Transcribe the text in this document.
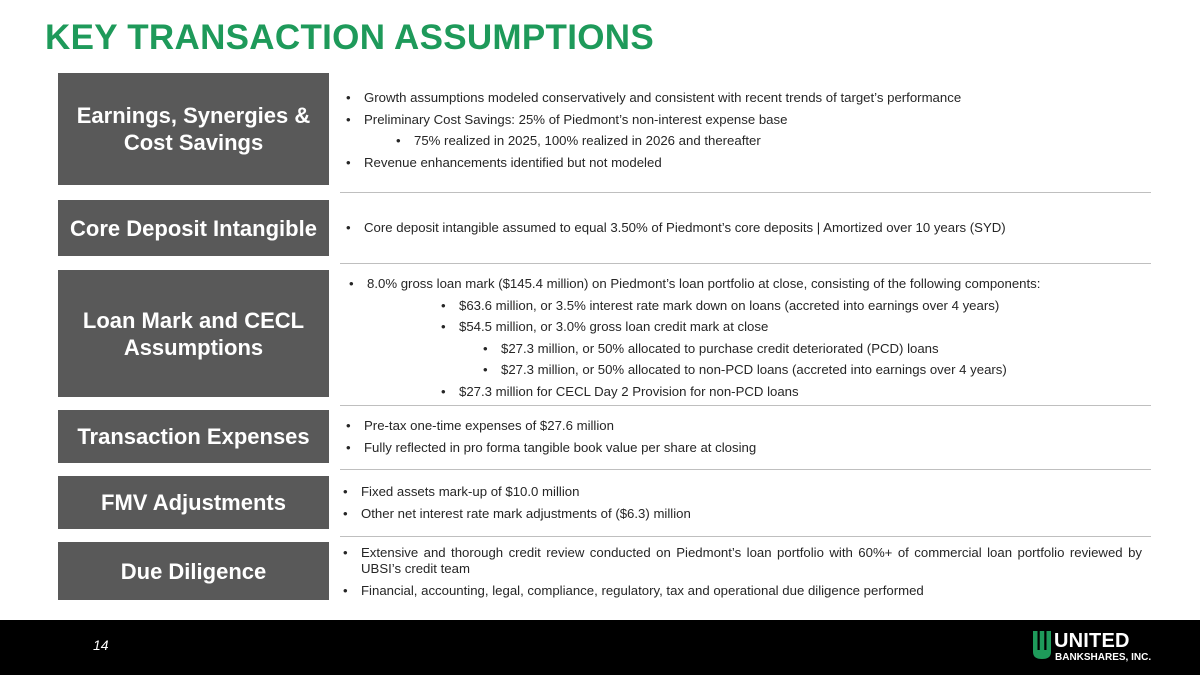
KEY TRANSACTION ASSUMPTIONS
Earnings, Synergies & Cost Savings
• Growth assumptions modeled conservatively and consistent with recent trends of target’s performance
• Preliminary Cost Savings: 25% of Piedmont’s non-interest expense base
• 75% realized in 2025, 100% realized in 2026 and thereafter
• Revenue enhancements identified but not modeled
Core Deposit Intangible	• Core deposit intangible assumed to equal 3.50% of Piedmont’s core deposits | Amortized over 10 years (SYD)
Loan Mark and CECL Assumptions
• 8.0% gross loan mark ($145.4 million) on Piedmont’s loan portfolio at close, consisting of the following components:
• $63.6 million, or 3.5% interest rate mark down on loans (accreted into earnings over 4 years)
• $54.5 million, or 3.0% gross loan credit mark at close
• $27.3 million, or 50% allocated to purchase credit deteriorated (PCD) loans
• $27.3 million, or 50% allocated to non-PCD loans (accreted into earnings over 4 years)
• $27.3 million for CECL Day 2 Provision for non-PCD loans
Transaction Expenses	• Pre-tax one-time expenses of $27.6 million
• Fully reflected in pro forma tangible book value per share at closing
FMV Adjustments	• Fixed assets mark-up of $10.0 million
• Other net interest rate mark adjustments of ($6.3) million
Due Diligence
• Extensive and thorough credit review conducted on Piedmont’s loan portfolio with 60%+ of commercial loan portfolio reviewed by UBSI’s credit team
• Financial, accounting, legal, compliance, regulatory, tax and operational due diligence performed
14	UNITED
BANKSHARES, INC.
